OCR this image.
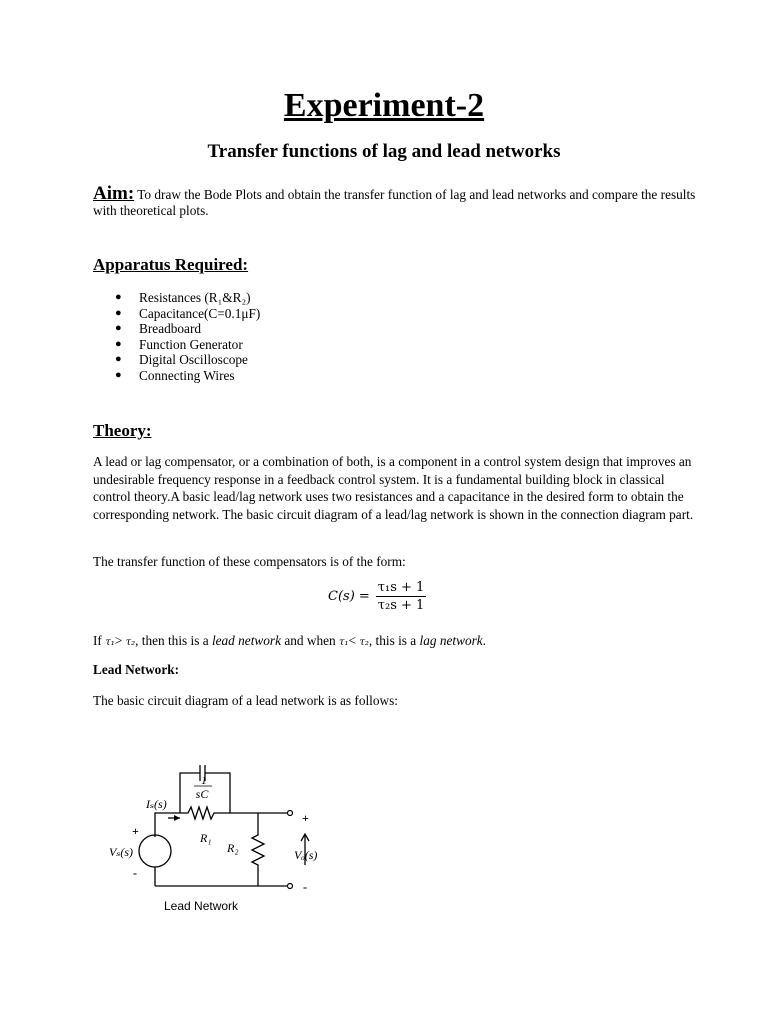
Experiment-2
Transfer functions of lag and lead networks
Aim: To draw the Bode Plots and obtain the transfer function of lag and lead networks and compare the results with theoretical plots.
Apparatus Required:
● Resistances (R₁&R₂)
● Capacitance(C=0.1μF)
● Breadboard
● Function Generator
● Digital Oscilloscope
● Connecting Wires
Theory:
A lead or lag compensator, or a combination of both, is a component in a control system design that improves an undesirable frequency response in a feedback control system. It is a fundamental building block in classical control theory.A basic lead/lag network uses two resistances and a capacitance in the desired form to obtain the corresponding network. The basic circuit diagram of a lead/lag network is shown in the connection diagram part.
The transfer function of these compensators is of the form:
$C(s) = \frac{\text{τ₁s + 1}}{\text{τ₂s + 1}}$
If τ₁> τ₂, then this is a lead network and when τ₁< τ₂, this is a lag network.
Lead Network:
The basic circuit diagram of a lead network is as follows:
1
sC
Iₛ(s)
R₁
R₂
Vₛ(s)	Vₒ(s)
+
-
+
-
Lead Network
